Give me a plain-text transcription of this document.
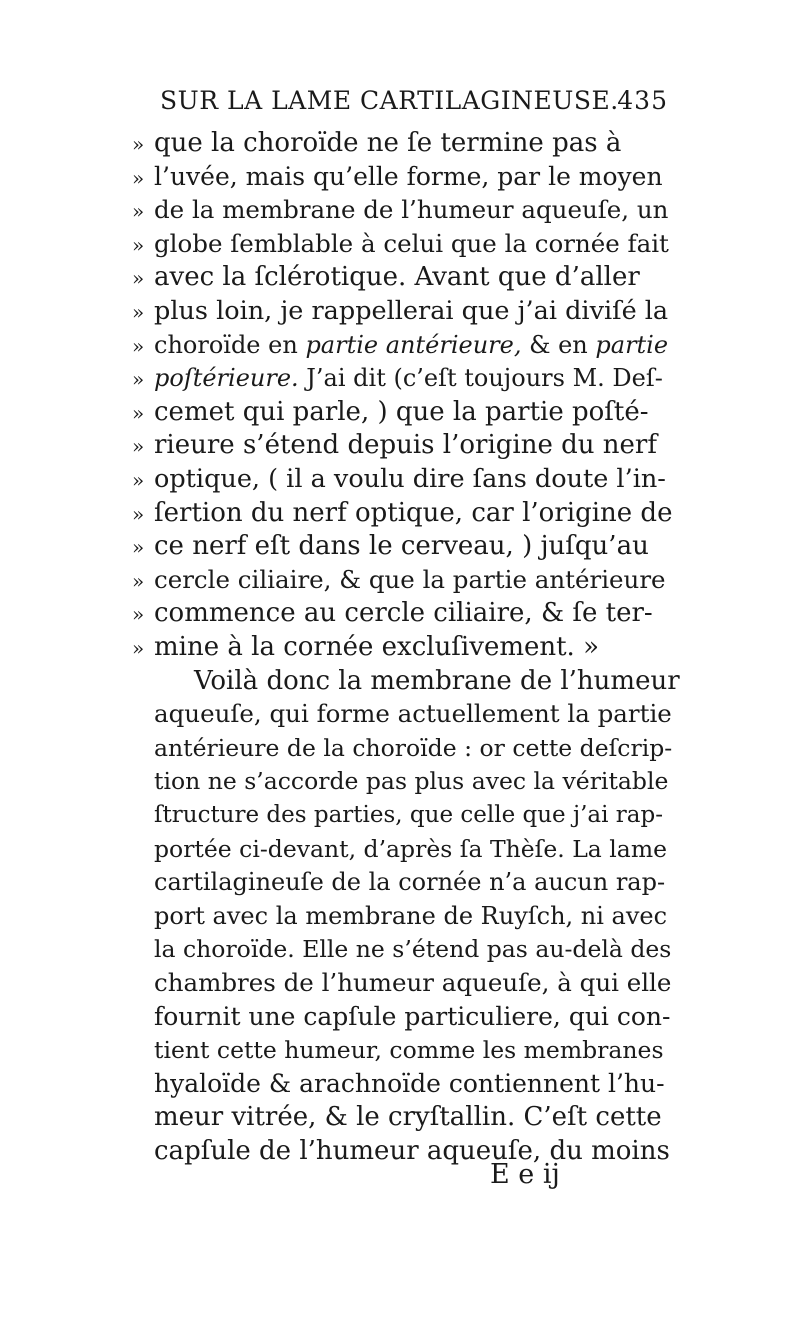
SUR LA LAME CARTILAGINEUSE.
435
» que la choroïde ne ſe termine pas à
» l’uvée, mais qu’elle forme, par le moyen
» de la membrane de l’humeur aqueuſe, un
» globe ſemblable à celui que la cornée fait
» avec la ſclérotique. Avant que d’aller
» plus loin, je rappellerai que j’ai diviſé la
» choroïde en partie antérieure, & en partie
» poſtérieure. J’ai dit (c’eſt toujours M. Deſ-
» cemet qui parle, ) que la partie poſté-
» rieure s’étend depuis l’origine du nerf
» optique, ( il a voulu dire ſans doute l’in-
» ſertion du nerf optique, car l’origine de
» ce nerf eſt dans le cerveau, ) juſqu’au
» cercle ciliaire, & que la partie antérieure
» commence au cercle ciliaire, & ſe ter-
» mine à la cornée excluſivement. »
Voilà donc la membrane de l’humeur
aqueuſe, qui forme actuellement la partie
antérieure de la choroïde : or cette deſcrip-
tion ne s’accorde pas plus avec la véritable
ſtructure des parties, que celle que j’ai rap-
portée ci-devant, d’après ſa Thèſe. La lame
cartilagineuſe de la cornée n’a aucun rap-
port avec la membrane de Ruyſch, ni avec
la choroïde. Elle ne s’étend pas au-delà des
chambres de l’humeur aqueuſe, à qui elle
fournit une capſule particuliere, qui con-
tient cette humeur, comme les membranes
hyaloïde & arachnoïde contiennent l’hu-
meur vitrée, & le cryſtallin. C’eſt cette
capſule de l’humeur aqueuſe, du moins
E e ij
